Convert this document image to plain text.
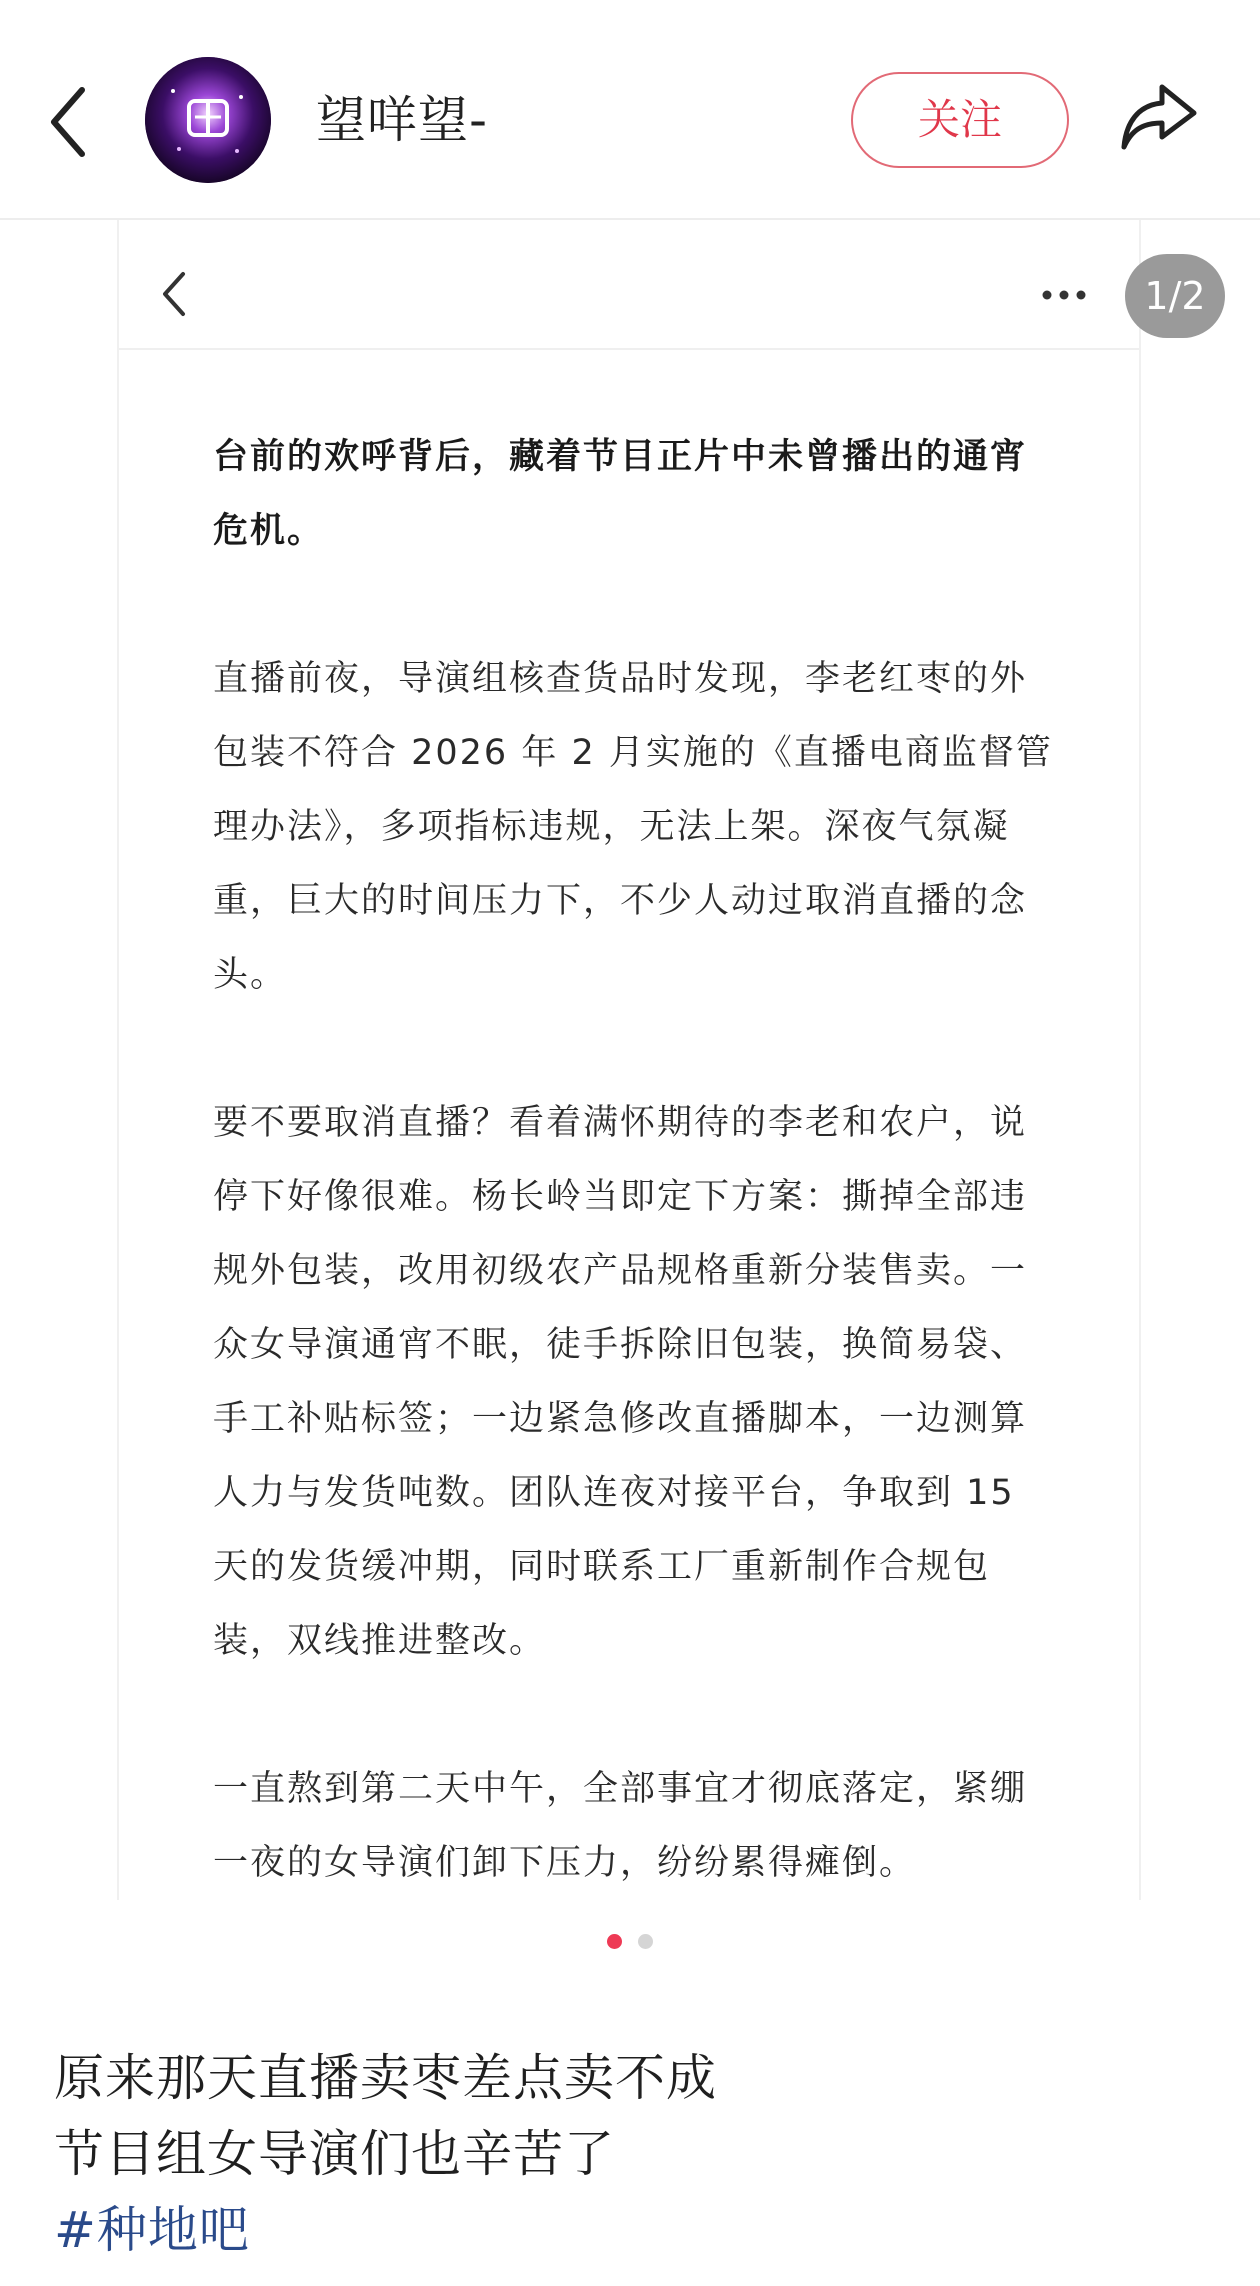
望咩望-	关注

台前的欢呼背后，藏着节目正片中未曾播出的通宵危机。

直播前夜，导演组核查货品时发现，李老红枣的外包装不符合 2026 年 2 月实施的《直播电商监督管理办法》，多项指标违规，无法上架。深夜气氛凝重，巨大的时间压力下，不少人动过取消直播的念头。

要不要取消直播？看着满怀期待的李老和农户，说停下好像很难。杨长岭当即定下方案：撕掉全部违规外包装，改用初级农产品规格重新分装售卖。一众女导演通宵不眠，徒手拆除旧包装，换简易袋、手工补贴标签；一边紧急修改直播脚本，一边测算人力与发货吨数。团队连夜对接平台，争取到 15 天的发货缓冲期，同时联系工厂重新制作合规包装，双线推进整改。

一直熬到第二天中午，全部事宜才彻底落定，紧绷一夜的女导演们卸下压力，纷纷累得瘫倒。

1/2

原来那天直播卖枣差点卖不成
节目组女导演们也辛苦了
#种地吧
